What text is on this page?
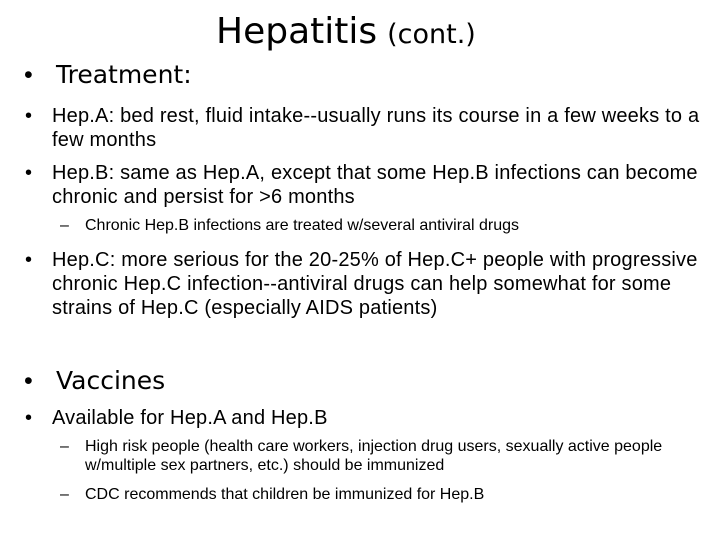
Hepatitis (cont.)
• Treatment:
• Hep.A: bed rest, fluid intake--usually runs its course in a few weeks to a few months
• Hep.B: same as Hep.A, except that some Hep.B infections can become chronic and persist for >6 months
– Chronic Hep.B infections are treated w/several antiviral drugs
• Hep.C: more serious for the 20-25% of Hep.C+ people with progressive chronic Hep.C infection--antiviral drugs can help somewhat for some strains of Hep.C (especially AIDS patients)
• Vaccines
• Available for Hep.A and Hep.B
– High risk people (health care workers, injection drug users, sexually active people w/multiple sex partners, etc.) should be immunized
– CDC recommends that children be immunized for Hep.B
